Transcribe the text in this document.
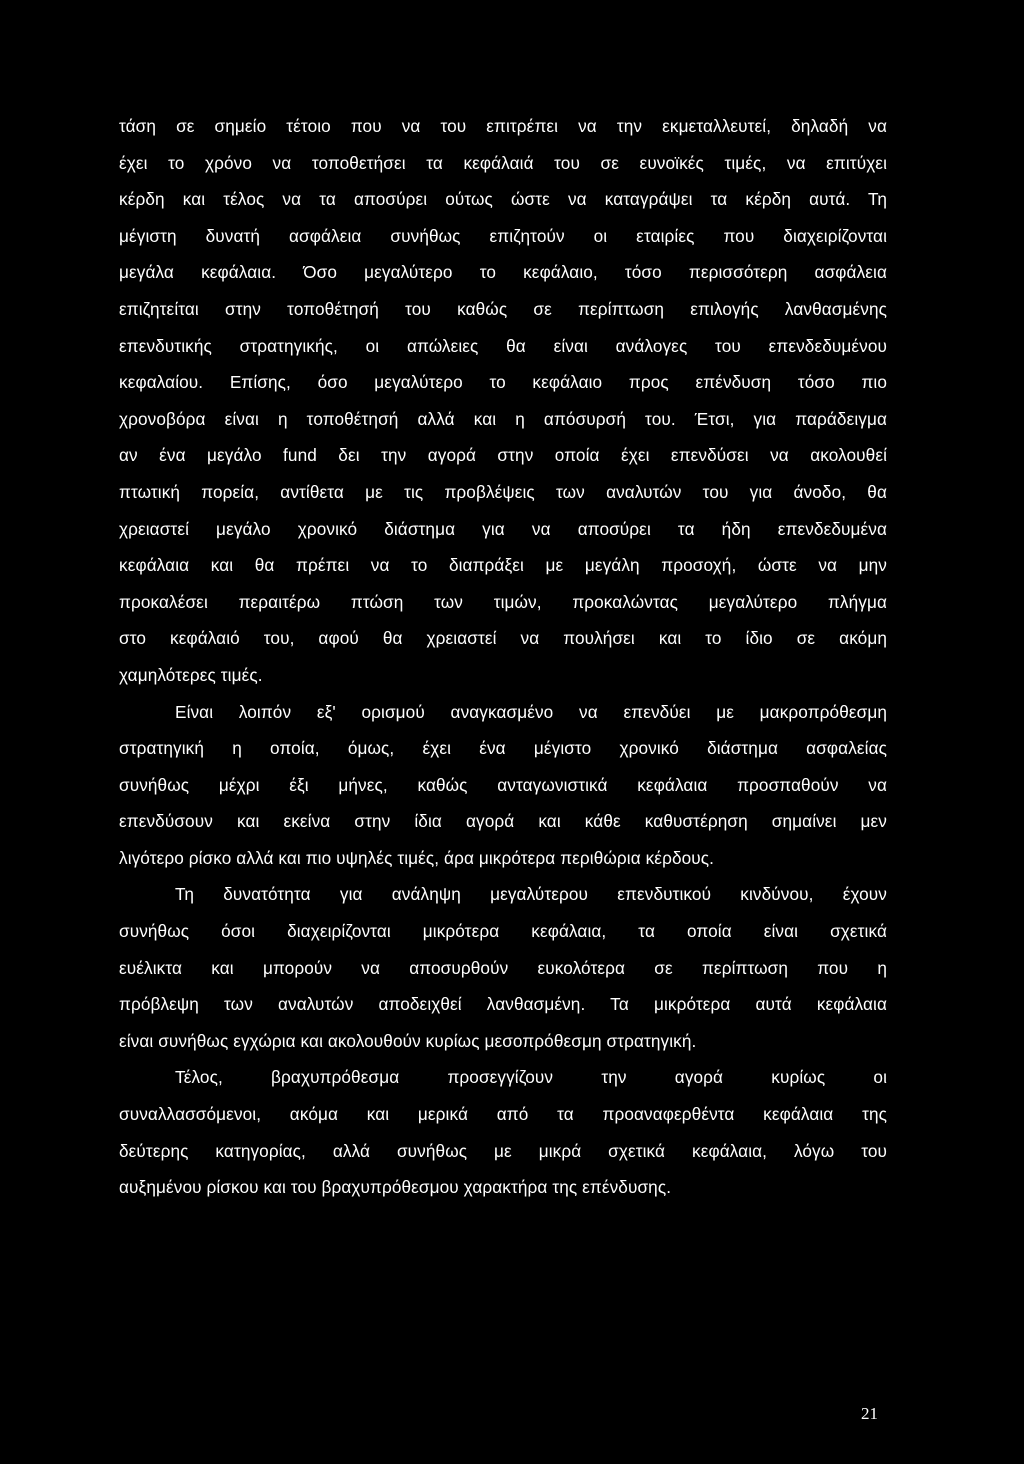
τάση σε σημείο τέτοιο που να του επιτρέπει να την εκμεταλλευτεί, δηλαδή να
έχει το χρόνο να τοποθετήσει τα κεφάλαιά του σε ευνοϊκές τιμές, να επιτύχει
κέρδη και τέλος να τα αποσύρει ούτως ώστε να καταγράψει τα κέρδη αυτά. Τη
μέγιστη δυνατή ασφάλεια συνήθως επιζητούν οι εταιρίες που διαχειρίζονται
μεγάλα κεφάλαια. Όσο μεγαλύτερο το κεφάλαιο, τόσο περισσότερη ασφάλεια
επιζητείται στην τοποθέτησή του καθώς σε περίπτωση επιλογής λανθασμένης
επενδυτικής στρατηγικής, οι απώλειες θα είναι ανάλογες του επενδεδυμένου
κεφαλαίου. Επίσης, όσο μεγαλύτερο το κεφάλαιο προς επένδυση τόσο πιο
χρονοβόρα είναι η τοποθέτησή αλλά και η απόσυρσή του. Έτσι, για παράδειγμα
αν ένα μεγάλο fund δει την αγορά στην οποία έχει επενδύσει να ακολουθεί
πτωτική πορεία, αντίθετα με τις προβλέψεις των αναλυτών του για άνοδο, θα
χρειαστεί μεγάλο χρονικό διάστημα για να αποσύρει τα ήδη επενδεδυμένα
κεφάλαια και θα πρέπει να το διαπράξει με μεγάλη προσοχή, ώστε να μην
προκαλέσει περαιτέρω πτώση των τιμών, προκαλώντας μεγαλύτερο πλήγμα
στο κεφάλαιό του, αφού θα χρειαστεί να πουλήσει και το ίδιο σε ακόμη
χαμηλότερες τιμές.
Είναι λοιπόν εξ' ορισμού αναγκασμένο να επενδύει με μακροπρόθεσμη
στρατηγική η οποία, όμως, έχει ένα μέγιστο χρονικό διάστημα ασφαλείας
συνήθως μέχρι έξι μήνες, καθώς ανταγωνιστικά κεφάλαια προσπαθούν να
επενδύσουν και εκείνα στην ίδια αγορά και κάθε καθυστέρηση σημαίνει μεν
λιγότερο ρίσκο αλλά και πιο υψηλές τιμές, άρα μικρότερα περιθώρια κέρδους.
Τη δυνατότητα για ανάληψη μεγαλύτερου επενδυτικού κινδύνου, έχουν
συνήθως όσοι διαχειρίζονται μικρότερα κεφάλαια, τα οποία είναι σχετικά
ευέλικτα και μπορούν να αποσυρθούν ευκολότερα σε περίπτωση που η
πρόβλεψη των αναλυτών αποδειχθεί λανθασμένη. Τα μικρότερα αυτά κεφάλαια
είναι συνήθως εγχώρια και ακολουθούν κυρίως μεσοπρόθεσμη στρατηγική.
Τέλος, βραχυπρόθεσμα προσεγγίζουν την αγορά κυρίως οι
συναλλασσόμενοι, ακόμα και μερικά από τα προαναφερθέντα κεφάλαια της
δεύτερης κατηγορίας, αλλά συνήθως με μικρά σχετικά κεφάλαια, λόγω του
αυξημένου ρίσκου και του βραχυπρόθεσμου χαρακτήρα της επένδυσης.
21
